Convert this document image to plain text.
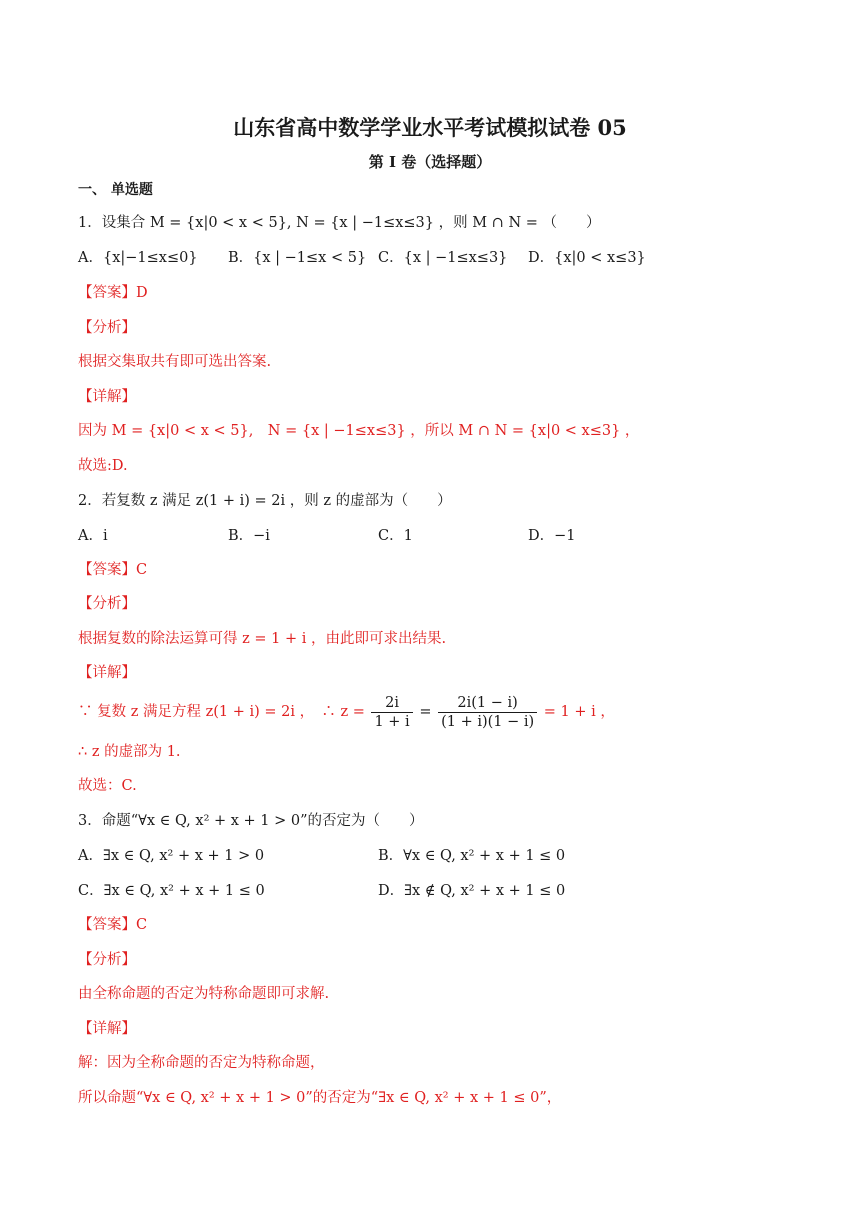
山东省高中数学学业水平考试模拟试卷 05
第 I 卷（选择题）
一、 单选题
1．设集合 M = {x|0 < x < 5}, N = {x | −1≤x≤3} ，则 M ∩ N = （　　）
A．{x|−1≤x≤0} B．{x | −1≤x < 5} C．{x | −1≤x≤3} D．{x|0 < x≤3}
【答案】D
【分析】
根据交集取共有即可选出答案.
【详解】
因为 M = {x|0 < x < 5},　N = {x | −1≤x≤3} ，所以 M ∩ N = {x|0 < x≤3} ，
故选:D.
2．若复数 z 满足 z(1 + i) = 2i ，则 z 的虚部为（　　）
A．i	B．−i	C．1	D．−1
【答案】C
【分析】
根据复数的除法运算可得 z = 1 + i ，由此即可求出结果.
【详解】
∵ 复数 z 满足方程 z(1 + i) = 2i ，　∴ $z = \frac{2i}{1 + i} = \frac{2i(1 - i)}{(1 + i)(1 - i)} = 1 + i$ ，
∴ z 的虚部为 1.
故选：C.
3．命题“∀x ∈ Q, x² + x + 1 > 0”的否定为（　　）
A．∃x ∈ Q, x² + x + 1 > 0	B．∀x ∈ Q, x² + x + 1 ≤ 0
C．∃x ∈ Q, x² + x + 1 ≤ 0	D．∃x ∉ Q, x² + x + 1 ≤ 0
【答案】C
【分析】
由全称命题的否定为特称命题即可求解.
【详解】
解：因为全称命题的否定为特称命题，
所以命题“∀x ∈ Q, x² + x + 1 > 0”的否定为“∃x ∈ Q, x² + x + 1 ≤ 0”，
